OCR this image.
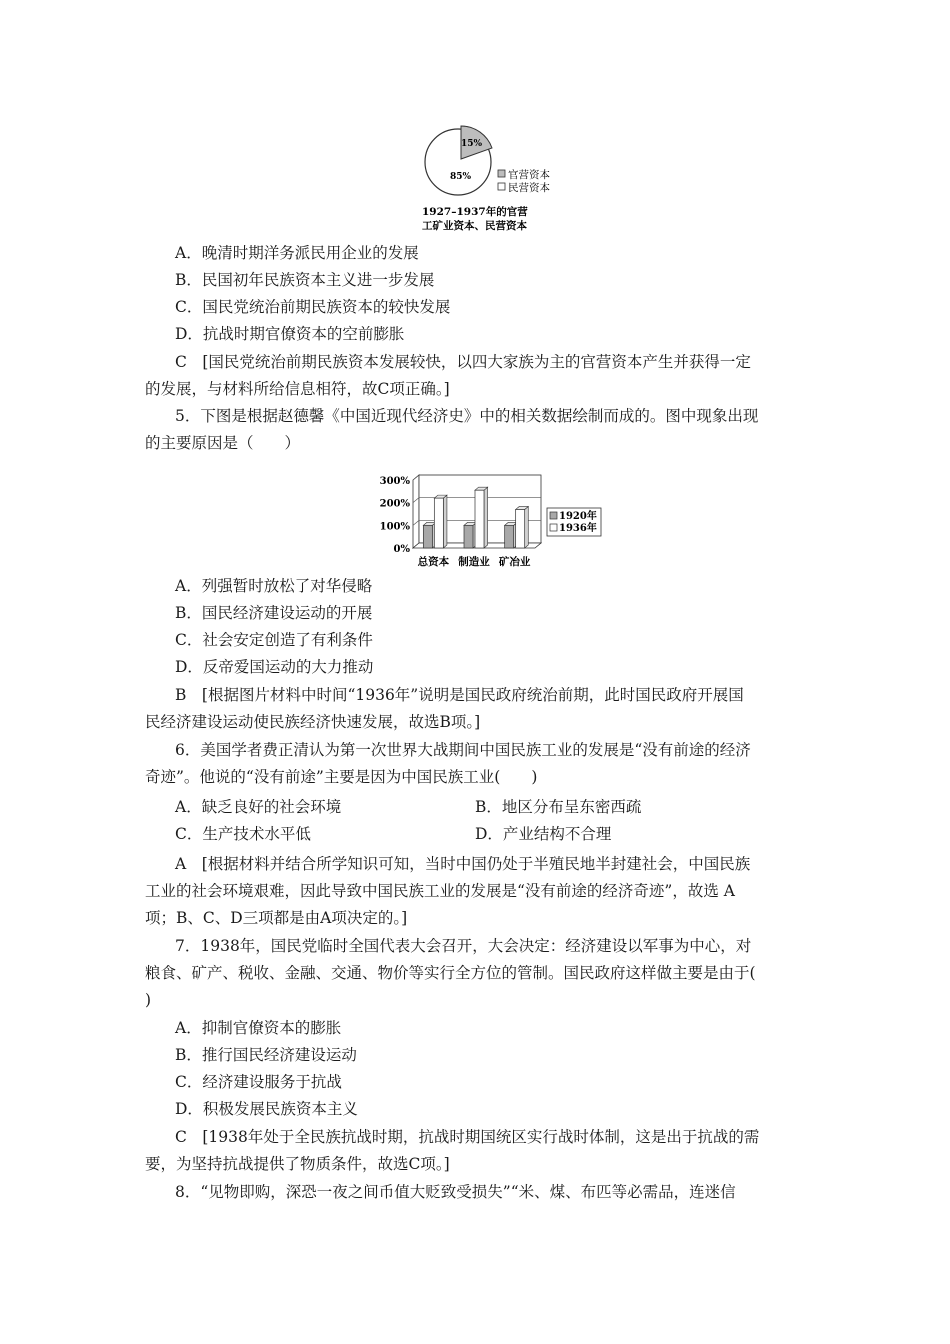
15%
85%	官营资本
民营资本
1927–1937年的官营
工矿业资本、民营资本
A．晚清时期洋务派民用企业的发展
B．民国初年民族资本主义进一步发展
C．国民党统治前期民族资本的较快发展
D．抗战时期官僚资本的空前膨胀
C　[国民党统治前期民族资本发展较快，以四大家族为主的官营资本产生并获得一定
的发展，与材料所给信息相符，故C项正确。]
5．下图是根据赵德馨《中国近现代经济史》中的相关数据绘制而成的。图中现象出现
的主要原因是（　　）
300%
200%
100%
0%
总资本 制造业 矿冶业
1920年
1936年
A．列强暂时放松了对华侵略
B．国民经济建设运动的开展
C．社会安定创造了有利条件
D．反帝爱国运动的大力推动
B　[根据图片材料中时间“1936年”说明是国民政府统治前期，此时国民政府开展国
民经济建设运动使民族经济快速发展，故选B项。]
6．美国学者费正清认为第一次世界大战期间中国民族工业的发展是“没有前途的经济
奇迹”。他说的“没有前途”主要是因为中国民族工业(　　)
A．缺乏良好的社会环境	B．地区分布呈东密西疏
C．生产技术水平低	D．产业结构不合理
A　[根据材料并结合所学知识可知，当时中国仍处于半殖民地半封建社会，中国民族
工业的社会环境艰难，因此导致中国民族工业的发展是“没有前途的经济奇迹”，故选 A
项；B、C、D三项都是由A项决定的。]
7．1938年，国民党临时全国代表大会召开，大会决定：经济建设以军事为中心，对
粮食、矿产、税收、金融、交通、物价等实行全方位的管制。国民政府这样做主要是由于(
)
A．抑制官僚资本的膨胀
B．推行国民经济建设运动
C．经济建设服务于抗战
D．积极发展民族资本主义
C　[1938年处于全民族抗战时期，抗战时期国统区实行战时体制，这是出于抗战的需
要，为坚持抗战提供了物质条件，故选C项。]
8．“见物即购，深恐一夜之间币值大贬致受损失”“米、煤、布匹等必需品，连迷信
